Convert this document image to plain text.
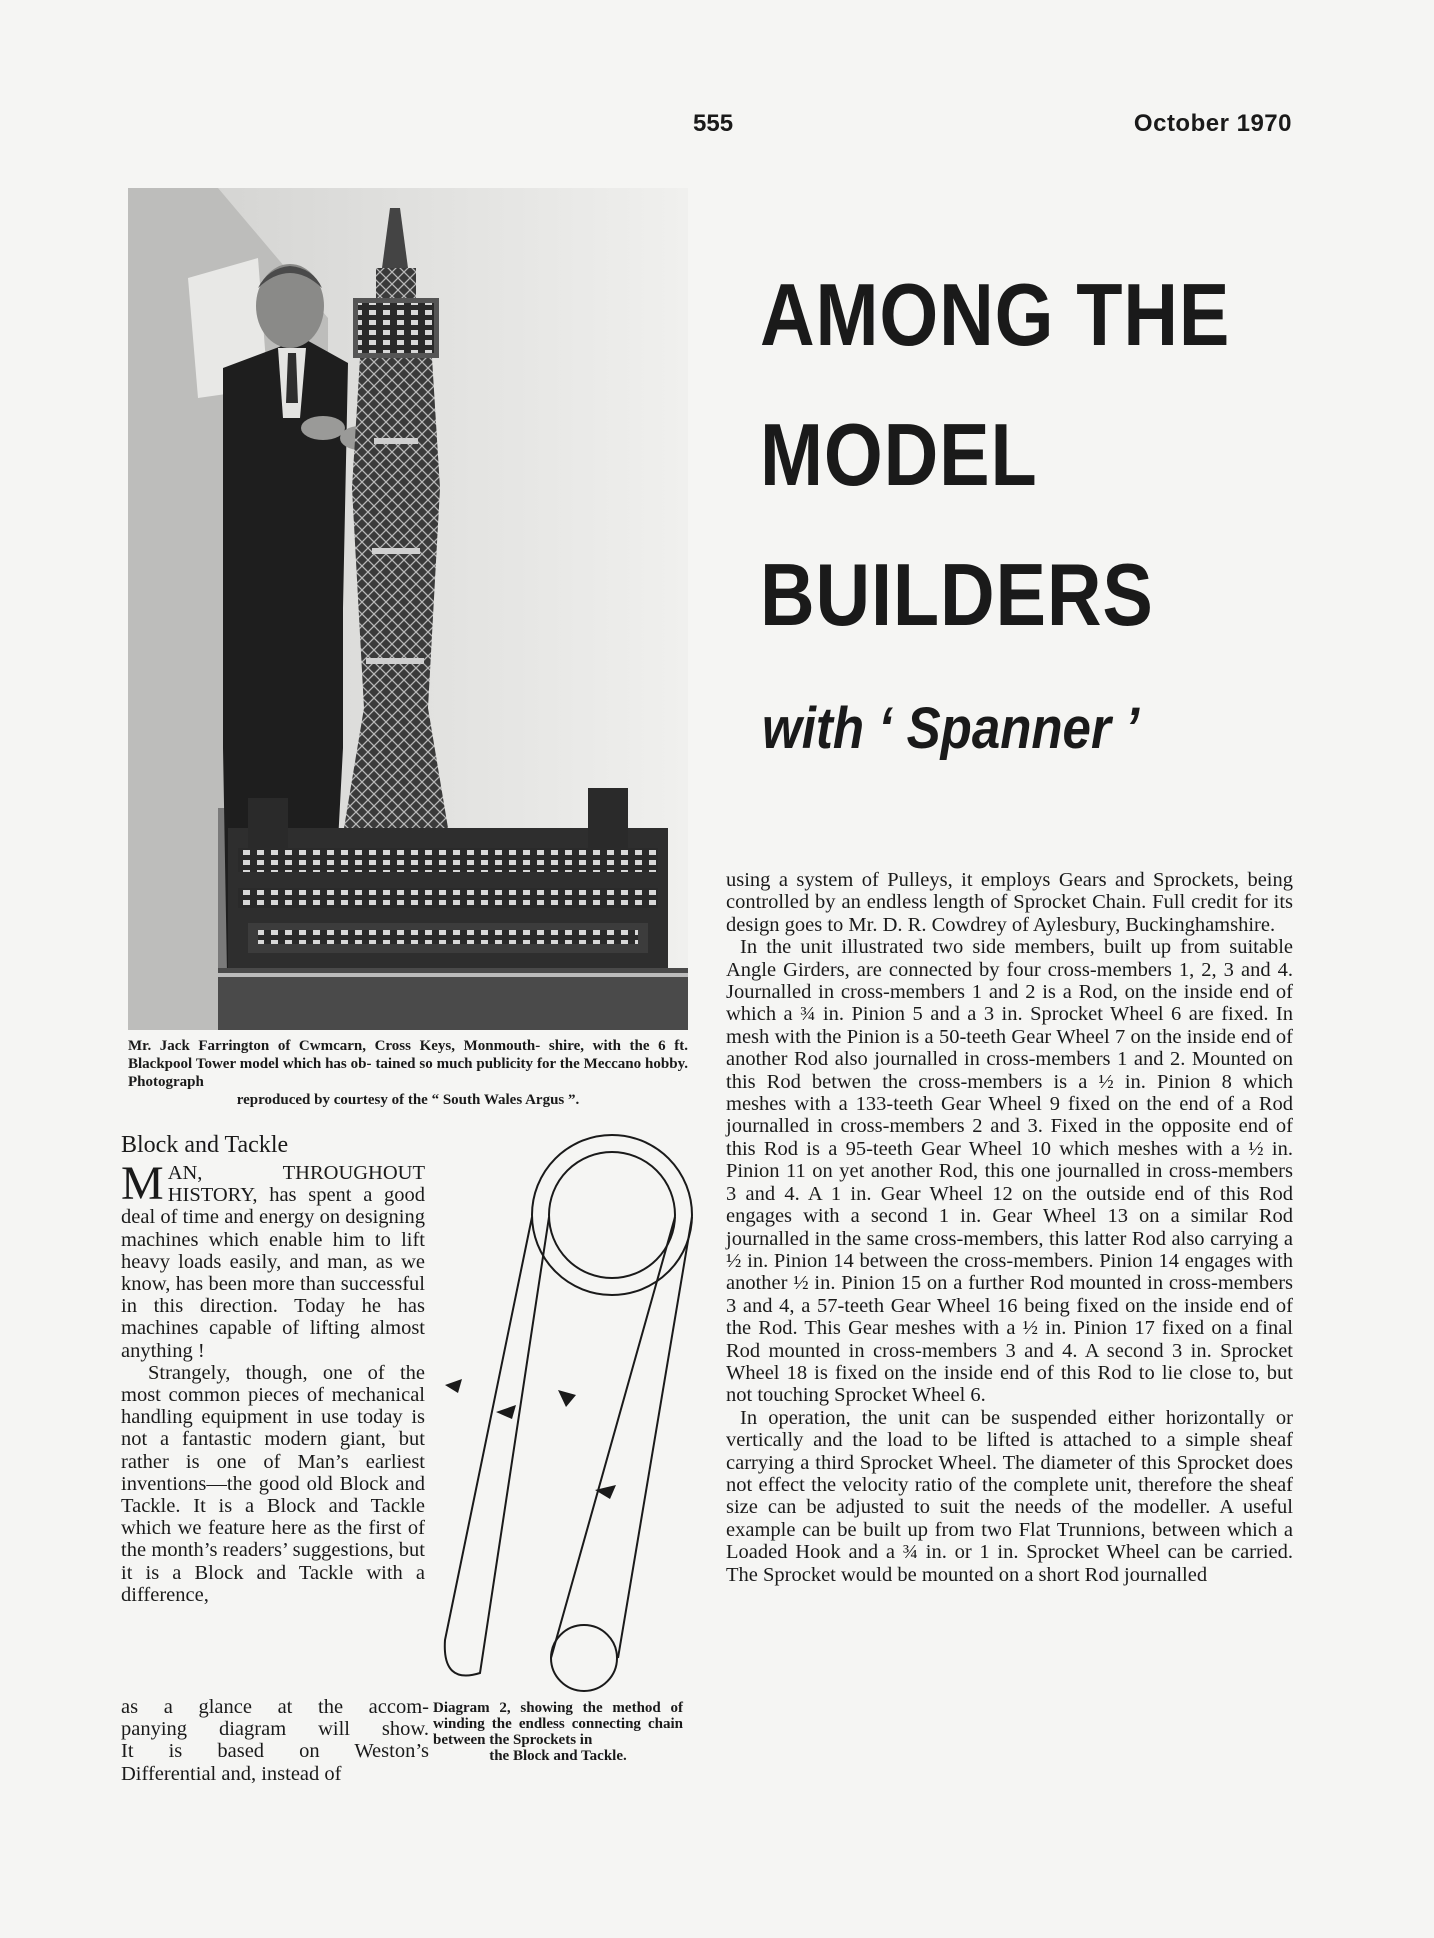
555	October 1970
Mr. Jack Farrington of Cwmcarn, Cross Keys, Monmouth- shire, with the 6 ft. Blackpool Tower model which has ob- tained so much publicity for the Meccano hobby. Photograph
reproduced by courtesy of the “ South Wales Argus ”.
AMONG THE
MODEL
BUILDERS
with ‘ Spanner ’
Block and Tackle

MAN, THROUGHOUT HISTORY, has spent a good deal of time and energy on designing machines which enable him to lift heavy loads easily, and man, as we know, has been more than successful in this direction. Today he has machines capable of lifting almost anything !

Strangely, though, one of the most common pieces of mechanical handling equipment in use today is not a fantastic modern giant, but rather is one of Man’s earliest inventions—the good old Block and Tackle. It is a Block and Tackle which we feature here as the first of the month’s readers’ suggestions, but it is a Block and Tackle with a difference,

as a glance at the accom-
panying diagram will show.
It is based on Weston’s
Differential and, instead of
Diagram 2, showing the method of winding the endless connecting chain between the Sprockets in
the Block and Tackle.

using a system of Pulleys, it employs Gears and Sprockets, being controlled by an endless length of Sprocket Chain. Full credit for its design goes to Mr. D. R. Cowdrey of Aylesbury, Buckinghamshire.

In the unit illustrated two side members, built up from suitable Angle Girders, are connected by four cross-members 1, 2, 3 and 4. Journalled in cross-members 1 and 2 is a Rod, on the inside end of which a ¾ in. Pinion 5 and a 3 in. Sprocket Wheel 6 are fixed. In mesh with the Pinion is a 50-teeth Gear Wheel 7 on the inside end of another Rod also journalled in cross-members 1 and 2. Mounted on this Rod betwen the cross-members is a ½ in. Pinion 8 which meshes with a 133-teeth Gear Wheel 9 fixed on the end of a Rod journalled in cross-members 2 and 3. Fixed in the opposite end of this Rod is a 95-teeth Gear Wheel 10 which meshes with a ½ in. Pinion 11 on yet another Rod, this one journalled in cross-members 3 and 4. A 1 in. Gear Wheel 12 on the outside end of this Rod engages with a second 1 in. Gear Wheel 13 on a similar Rod journalled in the same cross-members, this latter Rod also carrying a ½ in. Pinion 14 between the cross-members. Pinion 14 engages with another ½ in. Pinion 15 on a further Rod mounted in cross-members 3 and 4, a 57-teeth Gear Wheel 16 being fixed on the inside end of the Rod. This Gear meshes with a ½ in. Pinion 17 fixed on a final Rod mounted in cross-members 3 and 4. A second 3 in. Sprocket Wheel 18 is fixed on the inside end of this Rod to lie close to, but not touching Sprocket Wheel 6.

In operation, the unit can be suspended either horizontally or vertically and the load to be lifted is attached to a simple sheaf carrying a third Sprocket Wheel. The diameter of this Sprocket does not effect the velocity ratio of the complete unit, therefore the sheaf size can be adjusted to suit the needs of the modeller. A useful example can be built up from two Flat Trunnions, between which a Loaded Hook and a ¾ in. or 1 in. Sprocket Wheel can be carried. The Sprocket would be mounted on a short Rod journalled
